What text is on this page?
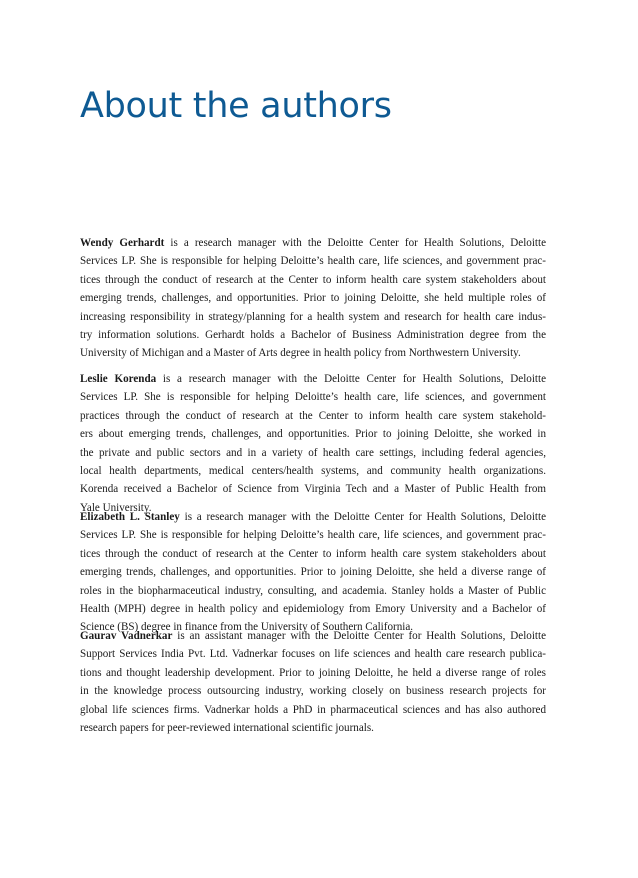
About the authors

Wendy Gerhardt is a research manager with the Deloitte Center for Health Solutions, Deloitte
Services LP. She is responsible for helping Deloitte’s health care, life sciences, and government prac-
tices through the conduct of research at the Center to inform health care system stakeholders about
emerging trends, challenges, and opportunities. Prior to joining Deloitte, she held multiple roles of
increasing responsibility in strategy/planning for a health system and research for health care indus-
try information solutions. Gerhardt holds a Bachelor of Business Administration degree from the
University of Michigan and a Master of Arts degree in health policy from Northwestern University.

Leslie Korenda is a research manager with the Deloitte Center for Health Solutions, Deloitte
Services LP. She is responsible for helping Deloitte’s health care, life sciences, and government
practices through the conduct of research at the Center to inform health care system stakehold-
ers about emerging trends, challenges, and opportunities. Prior to joining Deloitte, she worked in
the private and public sectors and in a variety of health care settings, including federal agencies,
local health departments, medical centers/health systems, and community health organizations.
Korenda received a Bachelor of Science from Virginia Tech and a Master of Public Health from
Yale University.

Elizabeth L. Stanley is a research manager with the Deloitte Center for Health Solutions, Deloitte
Services LP. She is responsible for helping Deloitte’s health care, life sciences, and government prac-
tices through the conduct of research at the Center to inform health care system stakeholders about
emerging trends, challenges, and opportunities. Prior to joining Deloitte, she held a diverse range of
roles in the biopharmaceutical industry, consulting, and academia. Stanley holds a Master of Public
Health (MPH) degree in health policy and epidemiology from Emory University and a Bachelor of
Science (BS) degree in finance from the University of Southern California.

Gaurav Vadnerkar is an assistant manager with the Deloitte Center for Health Solutions, Deloitte
Support Services India Pvt. Ltd. Vadnerkar focuses on life sciences and health care research publica-
tions and thought leadership development. Prior to joining Deloitte, he held a diverse range of roles
in the knowledge process outsourcing industry, working closely on business research projects for
global life sciences firms. Vadnerkar holds a PhD in pharmaceutical sciences and has also authored
research papers for peer-reviewed international scientific journals.
